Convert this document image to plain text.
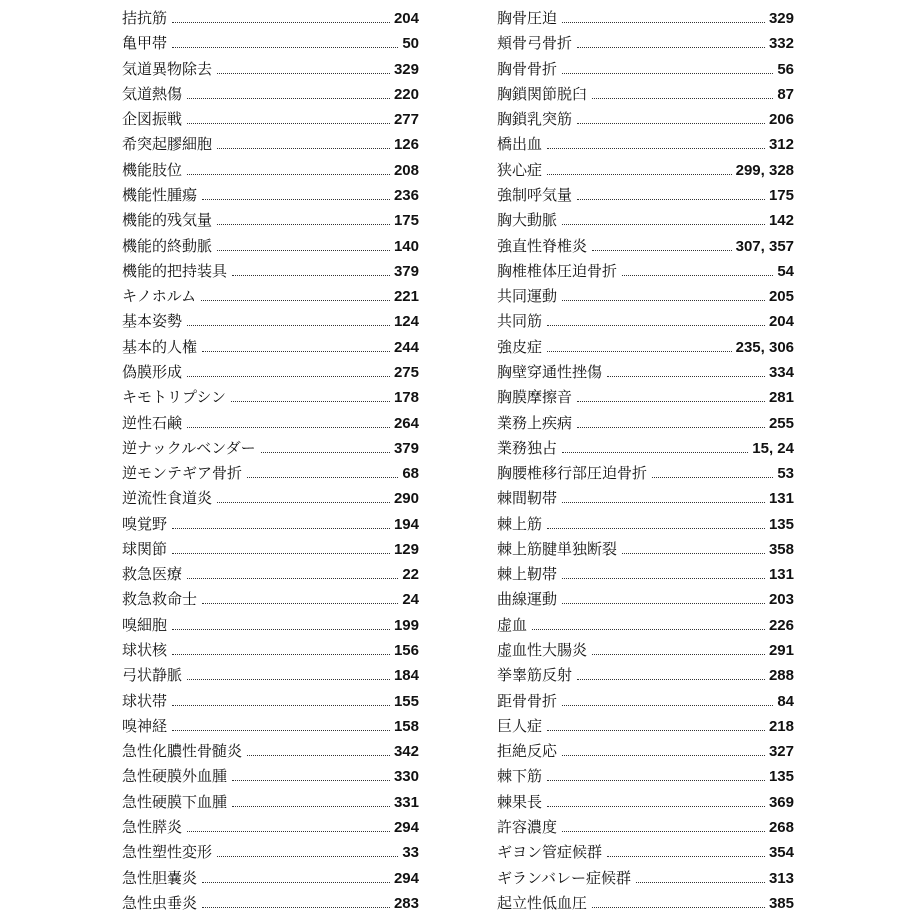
拮抗筋	204
亀甲帯	50
気道異物除去	329
気道熱傷	220
企図振戦	277
希突起膠細胞	126
機能肢位	208
機能性腫瘍	236
機能的残気量	175
機能的終動脈	140
機能的把持装具	379
キノホルム	221
基本姿勢	124
基本的人権	244
偽膜形成	275
キモトリプシン	178
逆性石鹸	264
逆ナックルベンダー	379
逆モンテギア骨折	68
逆流性食道炎	290
嗅覚野	194
球関節	129
救急医療	22
救急救命士	24
嗅細胞	199
球状核	156
弓状静脈	184
球状帯	155
嗅神経	158
急性化膿性骨髄炎	342
急性硬膜外血腫	330
急性硬膜下血腫	331
急性膵炎	294
急性塑性変形	33
急性胆嚢炎	294
急性虫垂炎	283
胸骨圧迫	329
頬骨弓骨折	332
胸骨骨折	56
胸鎖関節脱臼	87
胸鎖乳突筋	206
橋出血	312
狭心症	299, 328
強制呼気量	175
胸大動脈	142
強直性脊椎炎	307, 357
胸椎椎体圧迫骨折	54
共同運動	205
共同筋	204
強皮症	235, 306
胸壁穿通性挫傷	334
胸膜摩擦音	281
業務上疾病	255
業務独占	15, 24
胸腰椎移行部圧迫骨折	53
棘間靭帯	131
棘上筋	135
棘上筋腱単独断裂	358
棘上靭帯	131
曲線運動	203
虚血	226
虚血性大腸炎	291
挙睾筋反射	288
距骨骨折	84
巨人症	218
拒絶反応	327
棘下筋	135
棘果長	369
許容濃度	268
ギヨン管症候群	354
ギランバレー症候群	313
起立性低血圧	385
